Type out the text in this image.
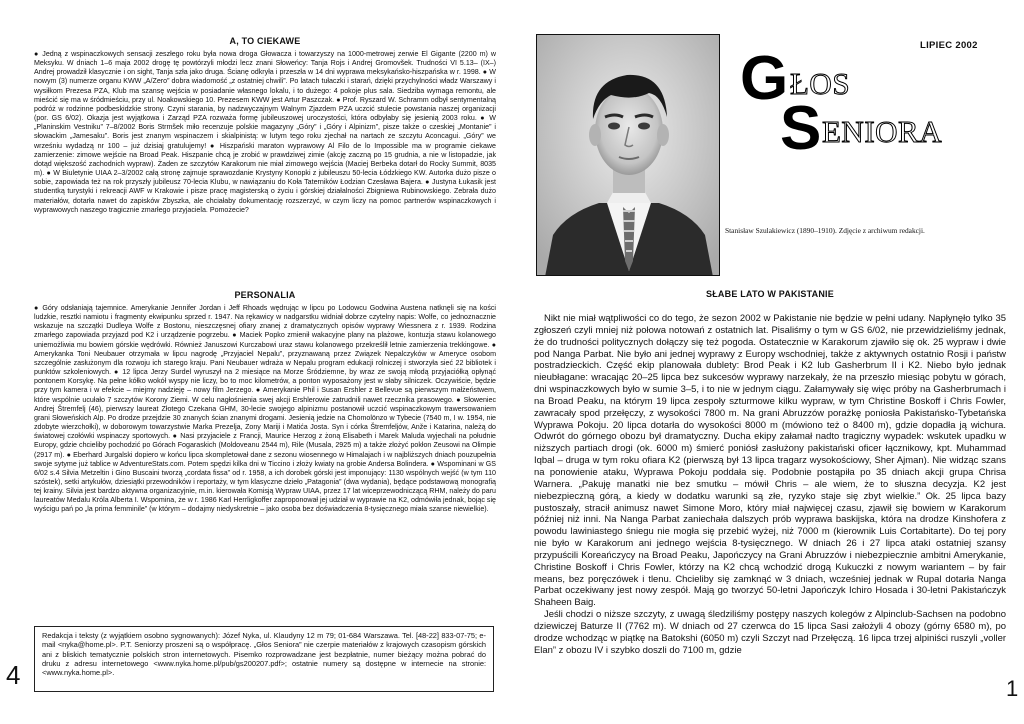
A, TO CIEKAWE

● Jedną z wspinaczkowych sensacji zeszłego roku była nowa droga Głowacza i towarzyszy na 1000-metrowej zerwie El Gigante (2200 m) w Meksyku. W dniach 1–6 maja 2002 drogę tę powtórzyli młodzi lecz znani Słoweńcy: Tanja Rojs i Andrej Gromovšek. Trudności VI 5.13– (IX–) Andrej prowadził klasycznie i on sight, Tanja szła jako druga. Ścianę odkryła i przeszła w 14 dni wyprawa meksykańsko-hiszpańska w r. 1998. ● W nowym (3) numerze organu KWW „A/Zero” dobra wiadomość „z ostatniej chwili”. Po latach tułaczki i starań, dzięki przychylności władz Warszawy i wysiłkom Prezesa PZA, Klub ma szansę wejścia w posiadanie własnego lokalu, i to dużego: 4 pokoje plus sala. Siedziba wymaga remontu, ale mieścić się ma w śródmieściu, przy ul. Noakowskiego 10. Prezesem KWW jest Artur Paszczak. ● Prof. Ryszard W. Schramm odbył sentymentalną podróż w rodzinne podbeskidzkie strony. Czyni starania, by nadzwyczajnym Walnym Zjazdem PZA uczcić stulecie powstania naszej organizacji (por. GS 6/02). Okazja jest wyjątkowa i Zarząd PZA rozważa formę jubileuszowej uroczystości, która odbyłaby się jesienią 2003 roku. ● W „Planinskim Vestniku” 7–8/2002 Boris Strmšek miło recenzuje polskie magazyny „Góry” i „Góry i Alpinizm”, pisze także o czeskiej „Montanie” i słowackim „Jamesaku”. Boris jest znanym wspinaczem i skialpinistą: w lutym tego roku zjechał na nartach ze szczytu Aconcagui. „Góry” we wrześniu wydadzą nr 100 – już dzisiaj gratulujemy! ● Hiszpański maraton wyprawowy Al Filo de lo Impossible ma w programie ciekawe zamierzenie: zimowe wejście na Broad Peak. Hiszpanie chcą je zrobić w prawdziwej zimie (akcję zaczną po 15 grudnia, a nie w listopadzie, jak dotąd większość zachodnich wypraw). Żaden ze szczytów Karakorum nie miał zimowego wejścia (Maciej Berbeka dotarł do Rocky Summit, 8035 m). ● W Biuletynie UIAA 2–3/2002 całą stronę zajmuje sprawozdanie Krystyny Konopki z jubileuszu 50-lecia Łódzkiego KW. Autorka dużo pisze o sobie, zapowiada też na rok przyszły jubileusz 70-lecia Klubu, w nawiązaniu do Koła Taterników Łodzian Czesława Bajera. ● Justyna Łukasik jest studentką turystyki i rekreacji AWF w Krakowie i pisze pracę magisterską o życiu i górskiej działalności Zbigniewa Rubinowskiego. Zebrała dużo materiałów, dotarła nawet do zapisków Zbyszka, ale chciałaby dokumentację rozszerzyć, w czym liczy na pomoc partnerów wspinaczkowych i wyprawowych naszego tragicznie zmarłego przyjaciela. Pomożecie?

PERSONALIA

● Góry odsłaniają tajemnice. Amerykanie Jennifer Jordan i Jeff Rhoads wędrując w lipcu po Lodowcu Godwina Austena natknęli się na kości ludzkie, resztki namiotu i fragmenty ekwipunku sprzed r. 1947. Na rękawicy w nadgarstku widniał dobrze czytelny napis: Wolfe, co jednoznacznie wskazuje na szczątki Dudleya Wolfe z Bostonu, nieszczęsnej ofiary znanej z dramatycznych opisów wyprawy Wiessnera z r. 1939. Rodzina zmarłego zapowiada przyjazd pod K2 i urządzenie pogrzebu. ● Maciek Popko zmienił wakacyjne plany na plażowe, kontuzja stawu kolanowego uniemożliwia mu bowiem górskie wędrówki. Również Januszowi Kurczabowi uraz stawu kolanowego przekreślił letnie zamierzenia trekkingowe. ● Amerykanka Toni Neubauer otrzymała w lipcu nagrodę „Przyjaciel Nepalu”, przyznawaną przez Związek Nepalczyków w Ameryce osobom szczególnie zasłużonym dla rozwoju ich starego kraju. Pani Neubauer wdraża w Nepalu program edukacji rolniczej i stworzyła sieć 22 bibliotek i punktów szkoleniowych. ● 12 lipca Jerzy Surdel wyruszył na 2 miesiące na Morze Śródziemne, by wraz ze swoją młodą przyjaciółką opłynąć pontonem Korsykę. Na pełne kółko wokół wyspy nie liczy, bo to moc kilometrów, a ponton wyposażony jest w słaby silniczek. Oczywiście, będzie przy tym kamera i w efekcie – miejmy nadzieję – nowy film Jerzego. ● Amerykanie Phil i Susan Ershler z Bellevue są pierwszym małżeństwem, które wspólnie ucułało 7 szczytów Korony Ziemi. W celu nagłośnienia swej akcji Ershlerowie zatrudnili nawet rzecznika prasowego. ● Słoweniec Andrej Štremfelj (46), pierwszy laureat Złotego Czekana GHM, 30-lecie swojego alpinizmu postanowił uczcić wspinaczkowym trawersowaniem grani Słoweńskich Alp. Po drodze przejdzie 30 znanych ścian znanymi drogami. Jesienią jedzie na Chomolönzo w Tybecie (7540 m, I w. 1954, nie zdobyte wierzchołki), w doborowym towarzystwie Marka Prezelja, Zony Mariji i Matića Josta. Syn i córka Štremfeljów, Anže i Katarina, należą do światowej czołówki wspinaczy sportowych. ● Nasi przyjaciele z Francji, Maurice Herzog z żoną Elisabeth i Marek Maluda wyjechali na południe Europy, gdzie chcieliby pochodzić po Górach Fogaraskich (Moldoveanu 2544 m), Rile (Musala, 2925 m) a także złożyć pokłon Zeusowi na Olimpie (2917 m). ● Eberhard Jurgalski dopiero w końcu lipca skompletował dane z sezonu wiosennego w Himalajach i w najbliższych dniach pouzupełnia swoje sytyme już tablice w AdventureStats.com. Potem spędzi kilka dni w Ticcino i złoży kwiaty na grobie Andersa Bolindera. ● Wspominani w GS 6/02 s.4 Silvia Metzeltin i Gino Buscaini tworzą „cordata fissa” od r. 1958, a ich dorobek górski jest imponujący: 1130 wspólnych wejść (w tym 110 szóstek), setki artykułów, dziesiątki przewodników i reportaży, w tym klasyczne dzieło „Patagonia” (dwa wydania), będące podstawową monografią tej krainy. Silvia jest bardzo aktywna organizacyjnie, m.in. kierowała Komisją Wypraw UIAA, przez 17 lat wiceprzewodniczącą RHM, należy do paru laureatów Medalu Króla Alberta I. Wspomina, że w r. 1986 Karl Herrligkoffer zaproponował jej udział w wyprawie na K2, odmówiła jednak, bojąc się wyścigu pań po „la prima femminile” (w którym – dodajmy niedyskretnie – jako osoba bez doświadczenia 8-tysięcznego miała szanse niewielkie).

Redakcja i teksty (z wyjątkiem osobno sygnowanych): Józef Nyka, ul. Klaudyny 12 m 79; 01-684 Warszawa. Tel. [48-22] 833-07-75; e-mail <nyka@home.pl>. P.T. Seniorzy proszeni są o współpracę. „Głos Seniora” nie czerpie materiałów z krajowych czasopism górskich ani z bliskich tematycznie polskich stron internetowych. Pisemko rozprowadzane jest bezpłatnie, numer bieżący można pobrać do druku z adresu internetowego <www.nyka.home.pl/pub/gs200207.pdf>; ostatnie numery są dostępne w internecie na stronie: <www.nyka.home.pl>.
4
Stanisław Szulakiewicz (1890–1910). Zdjęcie z archiwum redakcji.
LIPIEC 2002
G ŁOS
S ENIORA
SŁABE LATO W PAKISTANIE

Nikt nie miał wątpliwości co do tego, że sezon 2002 w Pakistanie nie będzie w pełni udany. Napłynęło tylko 35 zgłoszeń czyli mniej niż połowa notowań z ostatnich lat. Pisaliśmy o tym w GS 6/02, nie przewidzieliśmy jednak, że do trudności politycznych dołączy się też pogoda. Ostatecznie w Karakorum zjawiło się ok. 25 wypraw i dwie pod Nanga Parbat. Nie było ani jednej wyprawy z Europy wschodniej, także z aktywnych ostatnio Rosji i państw postradzieckich. Część ekip planowała dublety: Brod Peak i K2 lub Gasherbrum II i K2. Niebo było jednak nieubłagane: wracając 20–25 lipca bez sukcesów wyprawy narzekały, że na przeszło miesiąc pobytu w górach, dni wspinaczkowych było w sumie 3–5, i to nie w jednym ciągu. Załamywały się więc próby na Gasherbrumach i na Broad Peaku, na którym 19 lipca zespoły szturmowe kilku wypraw, w tym Christine Boskoff i Chris Fowler, zawracały spod przełęczy, z wysokości 7800 m. Na grani Abruzzów porażkę poniosła Pakistańsko-Tybetańska Wyprawa Pokoju. 20 lipca dotarła do wysokości 8000 m (mówiono też o 8400 m), gdzie dopadła ją wichura. Odwrót do górnego obozu był dramatyczny. Ducha ekipy załamał nadto tragiczny wypadek: wskutek upadku w niższych partiach drogi (ok. 6000 m) śmierć poniósł zasłużony pakistański oficer łącznikowy, kpt. Muhammad Iqbal – druga w tym roku ofiara K2 (pierwszą był 13 lipca tragarz wysokościowy, Sher Ajman). Nie widząc szans na ponowienie ataku, Wyprawa Pokoju poddała się. Podobnie postąpiła po 35 dniach akcji grupa Chrisa Warnera. „Pakuję manatki nie bez smutku – mówił Chris – ale wiem, że to słuszna decyzja. K2 jest niebezpieczną górą, a kiedy w dodatku warunki są złe, ryzyko staje się zbyt wielkie.” Ok. 25 lipca bazy pustoszały, stracił animusz nawet Simone Moro, który miał najwięcej czasu, zjawił się bowiem w Karakorum później niż inni. Na Nanga Parbat zaniechała dalszych prób wyprawa baskijska, która na drodze Kinshofera z powodu lawiniastego śniegu nie mogła się przebić wyżej, niż 7000 m (kierownik Luis Cortabitarte). Do tej pory nie było w Karakorum ani jednego wejścia 8-tysięcznego. W dniach 26 i 27 lipca ataki ostatniej szansy przypuścili Koreańczycy na Broad Peaku, Japończycy na Grani Abruzzów i niebezpiecznie ambitni Amerykanie, Christine Boskoff i Chris Fowler, którzy na K2 chcą wchodzić drogą Kukuczki z nowym wariantem – by fair means, bez poręczówek i tlenu. Chcieliby się zamknąć w 3 dniach, wcześniej jednak w Rupal dotarła Nanga Parbat oczekiwany jest nowy zespół. Mają go tworzyć 50-letni Japończyk Ichiro Hosada i 30-letni Pakistańczyk Shaheen Baig.

Jeśli chodzi o niższe szczyty, z uwagą śledziliśmy postępy naszych kolegów z Alpinclub-Sachsen na podobno dziewiczej Baturze II (7762 m). W dniach od 27 czerwca do 15 lipca Sasi założyli 4 obozy (górny 6580 m), po drodze wchodząc w piątkę na Batokshi (6050 m) czyli Szczyt nad Przełęczą. 16 lipca trzej alpiniści ruszyli „voller Elan” z obozu IV i szybko doszli do 7100 m, gdzie

1
